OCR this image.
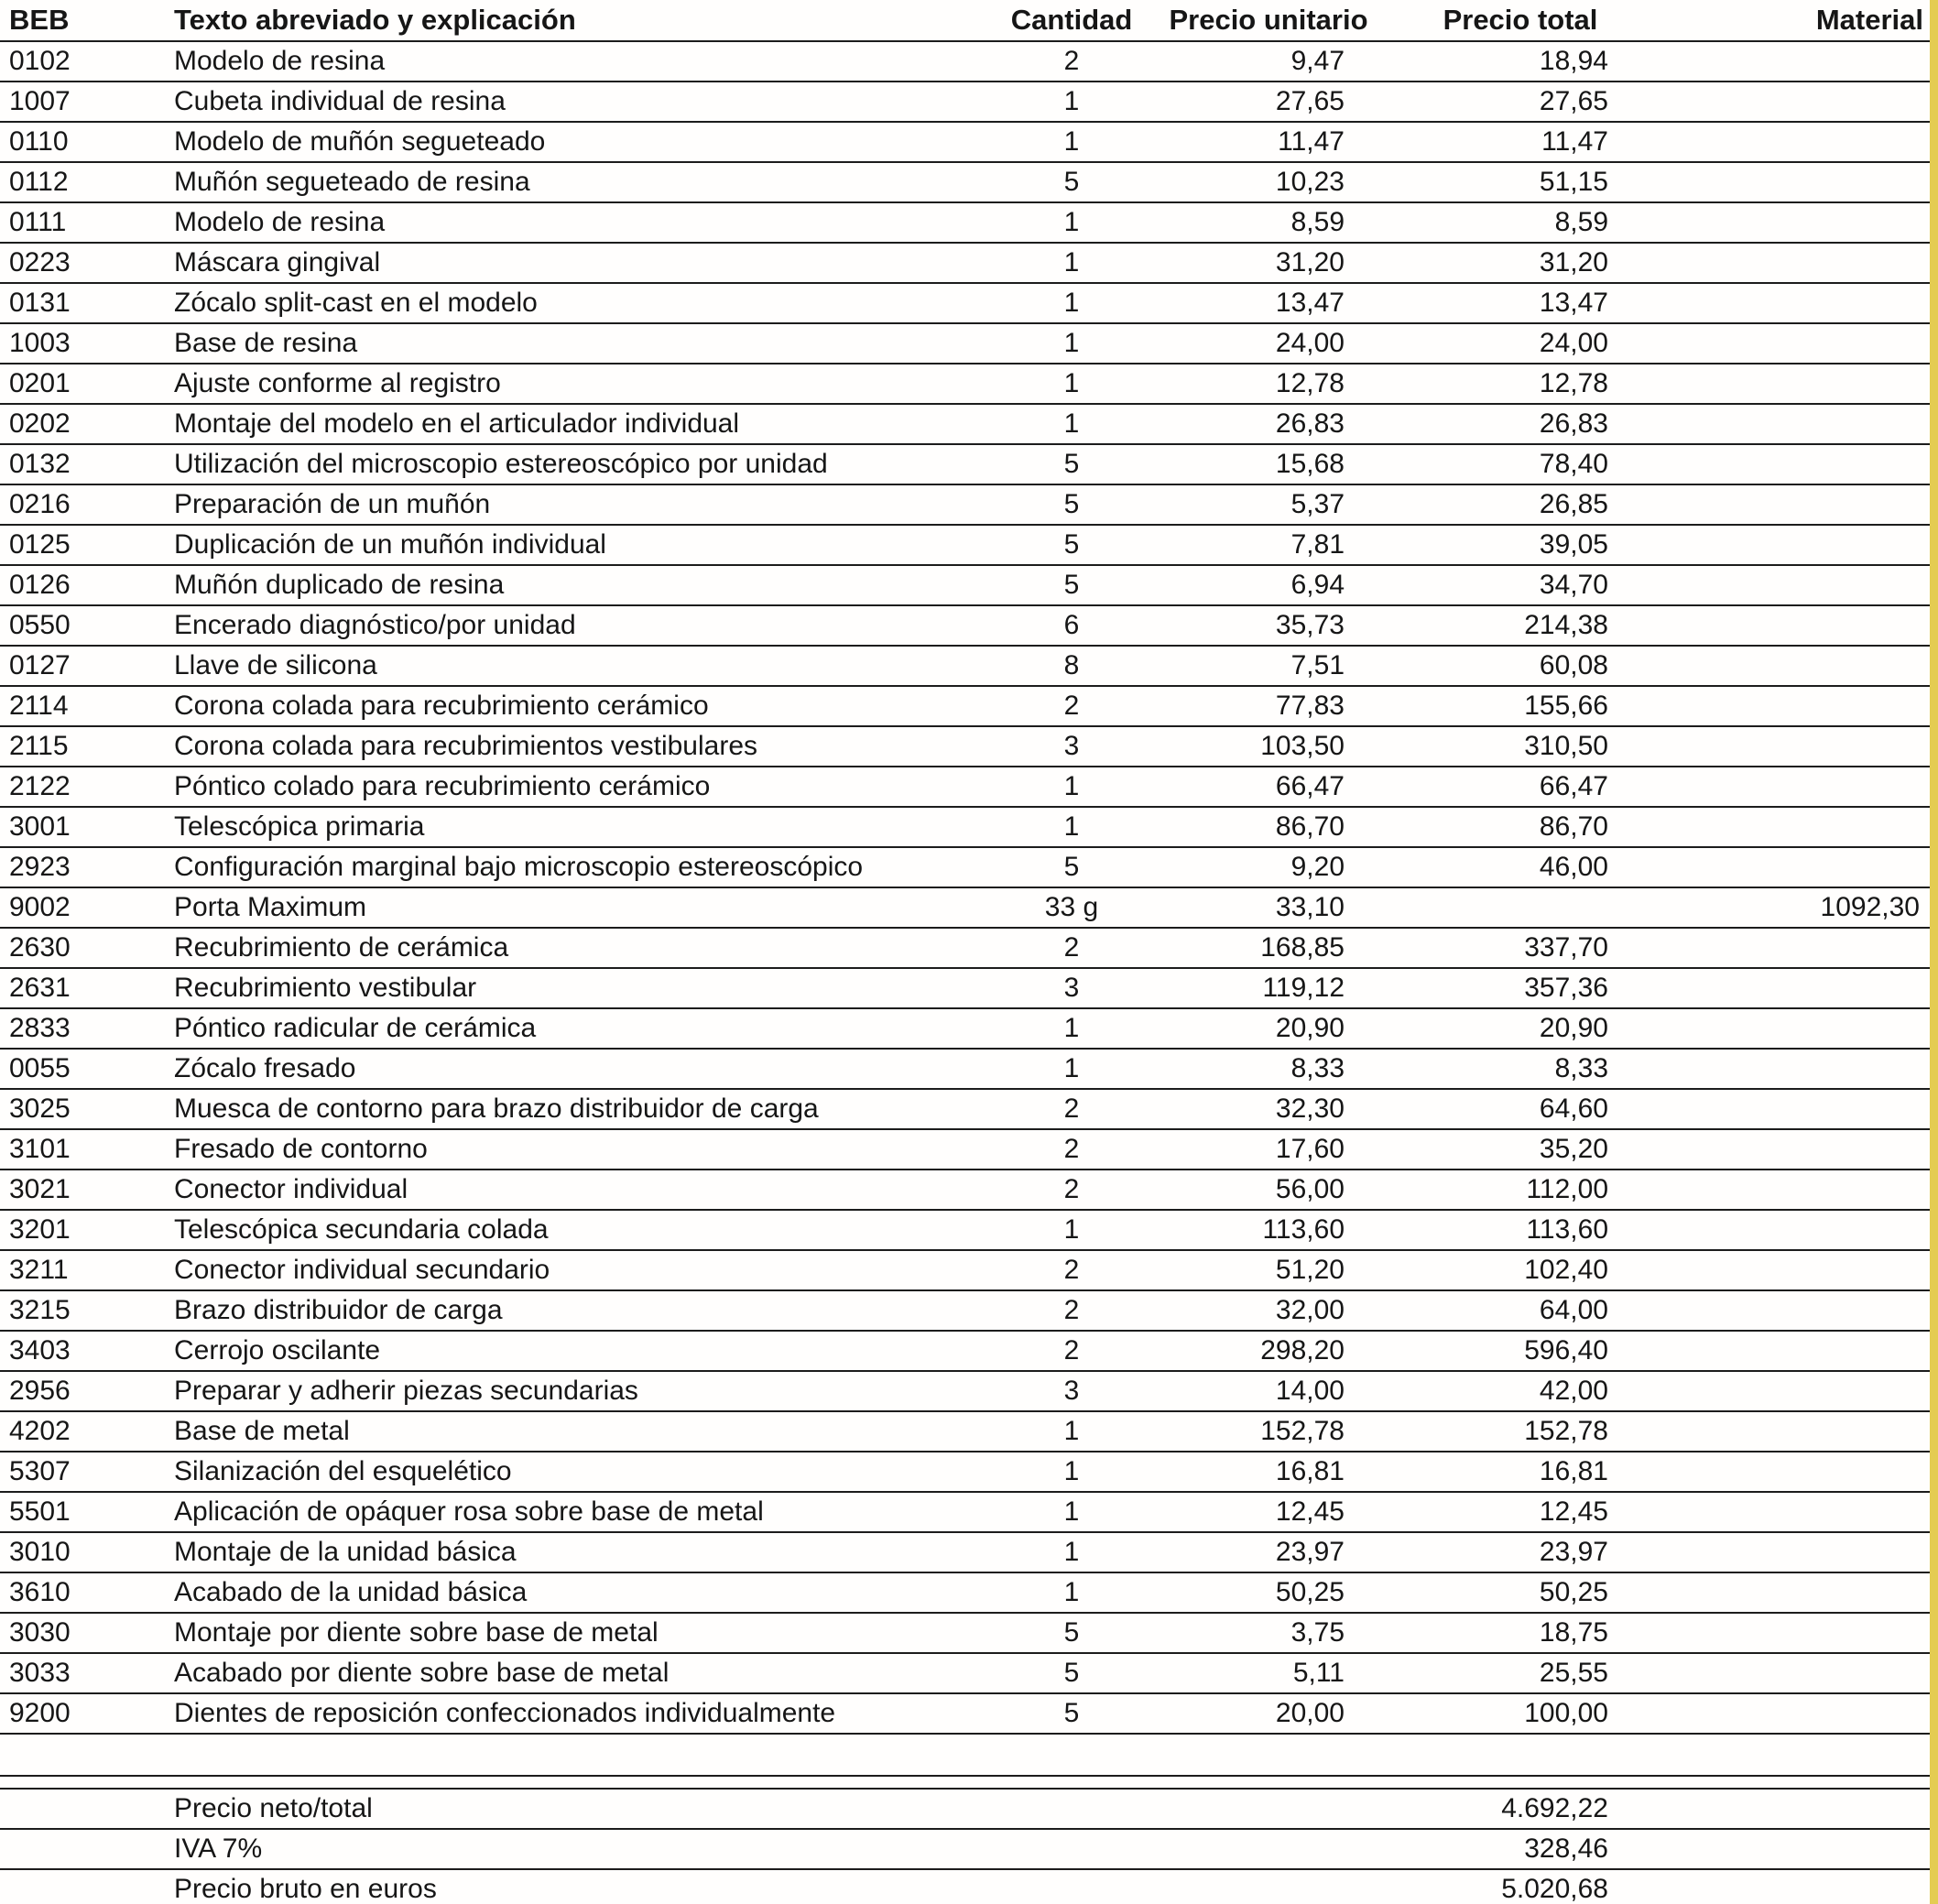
BEB	Texto abreviado y explicación	Cantidad	Precio unitario	Precio total	Material
0102	Modelo de resina	2	9,47	18,94	
1007	Cubeta individual de resina	1	27,65	27,65	
0110	Modelo de muñón segueteado	1	11,47	11,47	
0112	Muñón segueteado de resina	5	10,23	51,15	
0111	Modelo de resina	1	8,59	8,59	
0223	Máscara gingival	1	31,20	31,20	
0131	Zócalo split-cast en el modelo	1	13,47	13,47	
1003	Base de resina	1	24,00	24,00	
0201	Ajuste conforme al registro	1	12,78	12,78	
0202	Montaje del modelo en el articulador individual	1	26,83	26,83	
0132	Utilización del microscopio estereoscópico por unidad	5	15,68	78,40	
0216	Preparación de un muñón	5	5,37	26,85	
0125	Duplicación de un muñón individual	5	7,81	39,05	
0126	Muñón duplicado de resina	5	6,94	34,70	
0550	Encerado diagnóstico/por unidad	6	35,73	214,38	
0127	Llave de silicona	8	7,51	60,08	
2114	Corona colada para recubrimiento cerámico	2	77,83	155,66	
2115	Corona colada para recubrimientos vestibulares	3	103,50	310,50	
2122	Póntico colado para recubrimiento cerámico	1	66,47	66,47	
3001	Telescópica primaria	1	86,70	86,70	
2923	Configuración marginal bajo microscopio estereoscópico	5	9,20	46,00	
9002	Porta Maximum	33 g	33,10		1092,30
2630	Recubrimiento de cerámica	2	168,85	337,70	
2631	Recubrimiento vestibular	3	119,12	357,36	
2833	Póntico radicular de cerámica	1	20,90	20,90	
0055	Zócalo fresado	1	8,33	8,33	
3025	Muesca de contorno para brazo distribuidor de carga	2	32,30	64,60	
3101	Fresado de contorno	2	17,60	35,20	
3021	Conector individual	2	56,00	112,00	
3201	Telescópica secundaria colada	1	113,60	113,60	
3211	Conector individual secundario	2	51,20	102,40	
3215	Brazo distribuidor de carga	2	32,00	64,00	
3403	Cerrojo oscilante	2	298,20	596,40	
2956	Preparar y adherir piezas secundarias	3	14,00	42,00	
4202	Base de metal	1	152,78	152,78	
5307	Silanización del esquelético	1	16,81	16,81	
5501	Aplicación de opáquer rosa sobre base de metal	1	12,45	12,45	
3010	Montaje de la unidad básica	1	23,97	23,97	
3610	Acabado de la unidad básica	1	50,25	50,25	
3030	Montaje por diente sobre base de metal	5	3,75	18,75	
3033	Acabado por diente sobre base de metal	5	5,11	25,55	
9200	Dientes de reposición confeccionados individualmente	5	20,00	100,00	

	Precio neto/total			4.692,22	
	IVA 7%			328,46	
	Precio bruto en euros			5.020,68	
